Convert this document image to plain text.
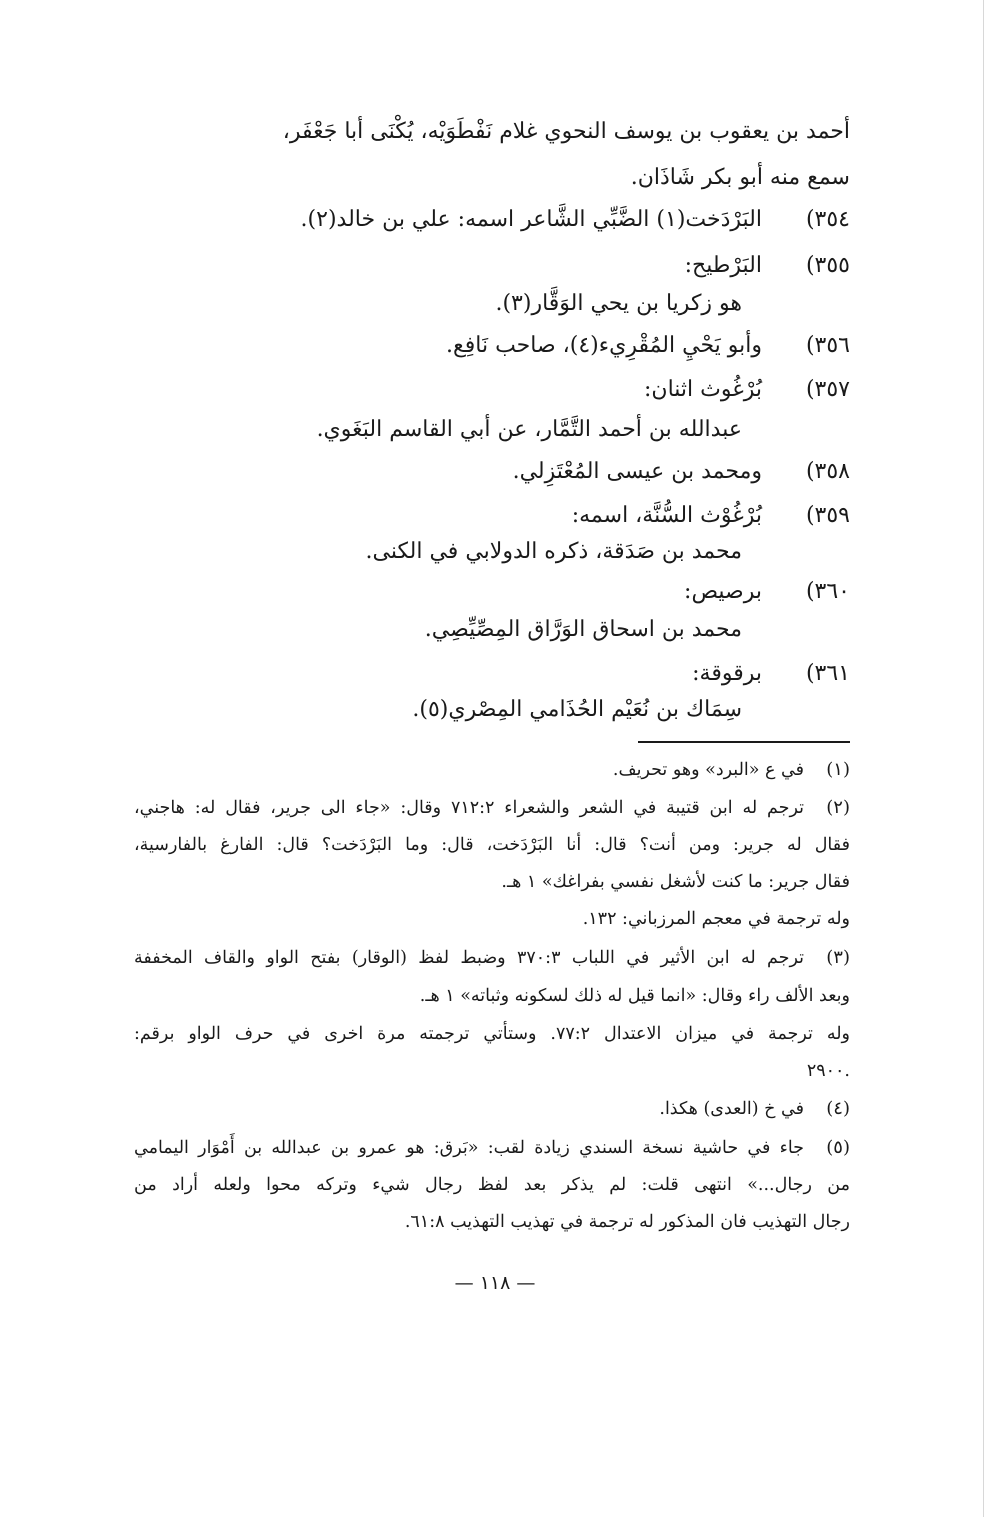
أحمد بن يعقوب بن يوسف النحوي غلام نَفْطَوَيْه، يُكْنَى أبا جَعْفَر،
سمع منه أبو بكر شَاذَان.
٣٥٤)
البَرْدَخت(١) الضَّبِّي الشَّاعر اسمه: علي بن خالد(٢).
٣٥٥)
البَرْطيح:
هو زكريا بن يحي الوَقَّار(٣).
٣٥٦)
وأبو يَحْيِ المُقْرِيء(٤)، صاحب نَافِع.
٣٥٧)
بُرْغُوث اثنان:
عبدالله بن أحمد التَّمَّار، عن أبي القاسم البَغَوي.
٣٥٨)
ومحمد بن عيسى المُعْتَزِلي.
٣٥٩)
بُرْغُوْث السُّنَّة، اسمه:
محمد بن صَدَقة، ذكره الدولابي في الكنى.
٣٦٠)
برصيص:
محمد بن اسحاق الوَرَّاق المِصِّيِّصِي.
٣٦١)
برقوقة:
سِمَاك بن نُعَيْم الحُذَامي المِصْري(٥).
(١)
في ع «البرد» وهو تحريف.
(٢)
ترجم له ابن قتيبة في الشعر والشعراء ٧١٢:٢ وقال: «جاء الى جرير، فقال له: هاجني،
فقال له جرير: ومن أنت؟ قال: أنا البَرْدَخت، قال: وما البَرْدَخت؟ قال: الفارغ بالفارسية،
فقال جرير: ما كنت لأشغل نفسي بفراغك» ١ هـ.
وله ترجمة في معجم المرزباني: ١٣٢.
(٣)
ترجم له ابن الأثير في اللباب ٣٧٠:٣ وضبط لفظ (الوقار) بفتح الواو والقاف المخففة
وبعد الألف راء وقال: «انما قيل له ذلك لسكونه وثباته» ١ هـ.
وله ترجمة في ميزان الاعتدال ٧٧:٢. وستأتي ترجمته مرة اخرى في حرف الواو برقم:
.٢٩٠٠
(٤)
في خ (العدى) هكذا.
(٥)
جاء في حاشية نسخة السندي زيادة لقب: «بَرق: هو عمرو بن عبدالله بن أَمْوَار اليمامي
من رجال...» انتهى قلت: لم يذكر بعد لفظ رجال شيء وتركه محوا ولعله أراد من
رجال التهذيب فان المذكور له ترجمة في تهذيب التهذيب ٦١:٨.
— ١١٨ —
